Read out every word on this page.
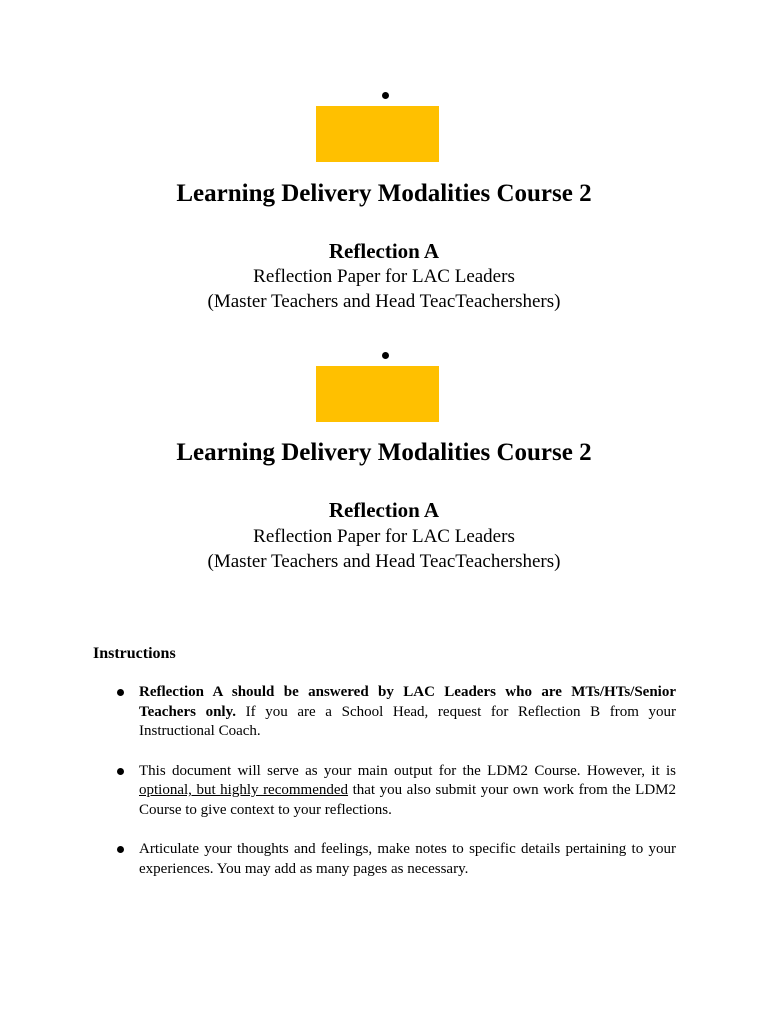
Learning Delivery Modalities Course 2
Reflection A
Reflection Paper for LAC Leaders
(Master Teachers and Head TeacTeachershers)
Learning Delivery Modalities Course 2
Reflection A
Reflection Paper for LAC Leaders
(Master Teachers and Head TeacTeachershers)
Instructions
Reflection A should be answered by LAC Leaders who are MTs/HTs/Senior Teachers only. If you are a School Head, request for Reflection B from your Instructional Coach.
This document will serve as your main output for the LDM2 Course. However, it is optional, but highly recommended that you also submit your own work from the LDM2 Course to give context to your reflections.
Articulate your thoughts and feelings, make notes to specific details pertaining to your experiences. You may add as many pages as necessary.
